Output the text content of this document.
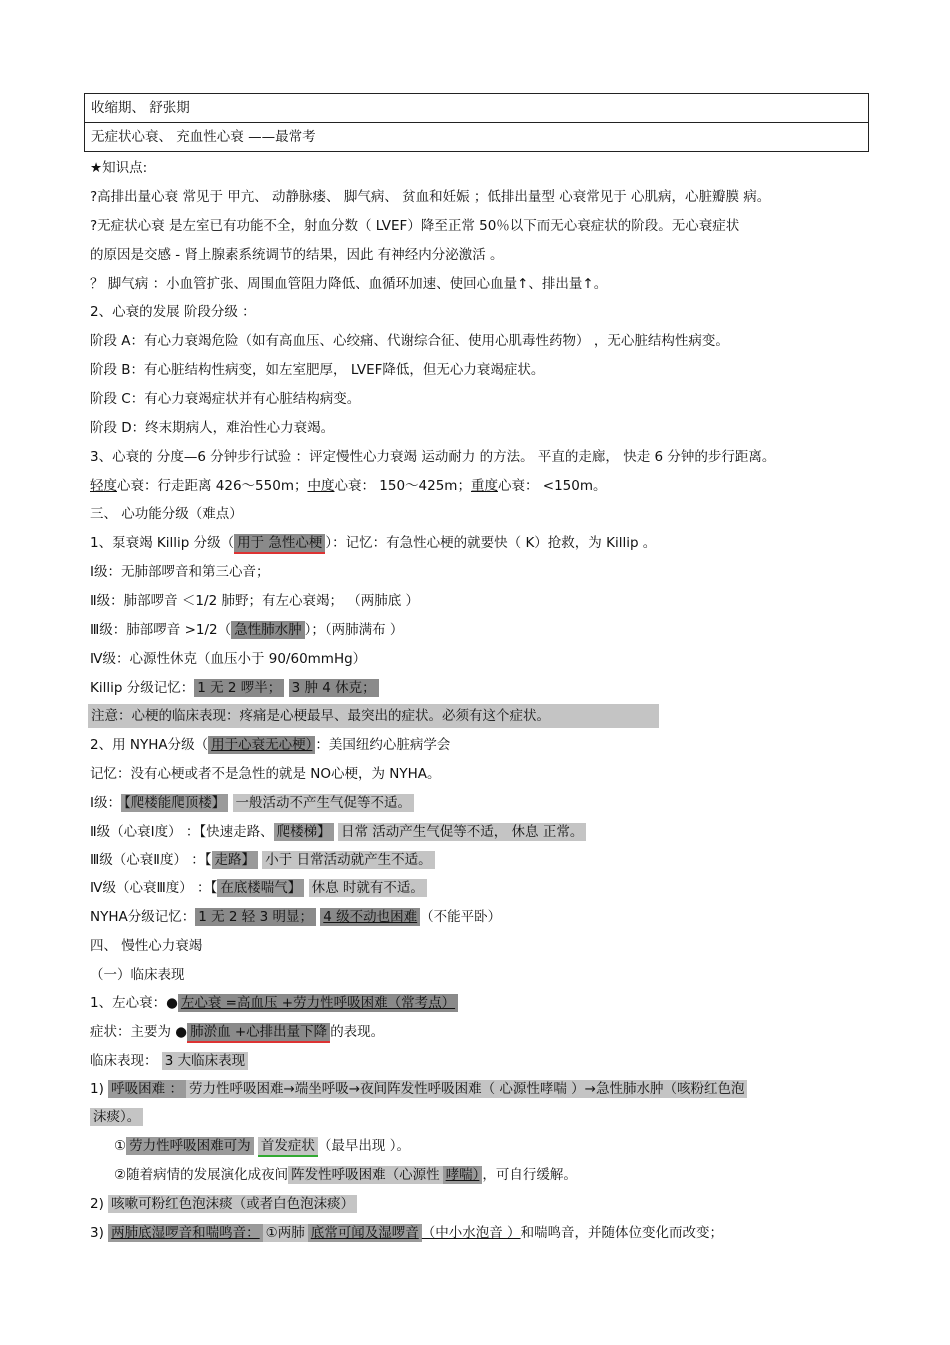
收缩期、 舒张期
无症状心衰、 充血性心衰 ——最常考
★知识点:
?高排出量心衰 常见于 甲亢、 动静脉瘘、 脚气病、 贫血和妊娠 ；低排出量型 心衰常见于 心肌病，心脏瓣膜 病。
?无症状心衰 是左室已有功能不全，射血分数（ LVEF）降至正常 50％以下而无心衰症状的阶段。无心衰症状
的原因是交感 - 肾上腺素系统调节的结果，因此 有神经内分泌激活 。
？ 脚气病 ：小血管扩张、周围血管阻力降低、血循环加速、使回心血量↑、排出量↑。
2、心衰的发展 阶段分级 ：
阶段 A：有心力衰竭危险（如有高血压、心绞痛、代谢综合征、使用心肌毒性药物） ，无心脏结构性病变。
阶段 B：有心脏结构性病变，如左室肥厚， LVEF降低，但无心力衰竭症状。
阶段 C：有心力衰竭症状并有心脏结构病变。
阶段 D：终末期病人，难治性心力衰竭。
3、心衰的 分度—6 分钟步行试验 ：评定慢性心力衰竭 运动耐力 的方法。 平直的走廊， 快走 6 分钟的步行距离。
轻度心衰：行走距离 426～550m；中度心衰： 150～425m；重度心衰： <150m。
三、 心功能分级（难点）
1、泵衰竭 Killip 分级（ 用于 急性心梗 ）：记忆：有急性心梗的就要快（ K）抢救，为 Killip 。
Ⅰ级：无肺部啰音和第三心音；
Ⅱ级：肺部啰音 ＜1/2 肺野；有左心衰竭； （两肺底 ）
Ⅲ级：肺部啰音 >1/2（ 急性肺水肿 ）；（两肺满布 ）
Ⅳ级：心源性休克（血压小于 90/60mmHg）
Killip 分级记忆： 1 无 2 啰半； 3 肿 4 休克；
注意：心梗的临床表现：疼痛是心梗最早、最突出的症状。必须有这个症状。
2、用 NYHA分级（ 用于心衰无心梗） ：美国纽约心脏病学会
记忆：没有心梗或者不是急性的就是 NO心梗，为 NYHA。
Ⅰ级： 【爬楼能爬顶楼】 一般活动不产生气促等不适。
Ⅱ级（心衰Ⅰ度） ：【快速走路、 爬楼梯】 日常 活动产生气促等不适， 休息 正常。
Ⅲ级（心衰Ⅱ度） ：【 走路】 小于 日常活动就产生不适。
Ⅳ级（心衰Ⅲ度） ：【 在底楼喘气】 休息 时就有不适。
NYHA分级记忆： 1 无 2 轻 3 明显； 4 级不动也困难 （不能平卧）
四、 慢性心力衰竭
（一）临床表现
1、左心衰：● 左心衰 =高血压 +劳力性呼吸困难（常考点）
症状：主要为 ● 肺淤血 +心排出量下降 的表现。
临床表现： 3 大临床表现
1) 呼吸困难 ： 劳力性呼吸困难→端坐呼吸→夜间阵发性呼吸困难（ 心源性哮喘 ）→急性肺水肿（咳粉红色泡
沫痰）。
① 劳力性呼吸困难可为 首发症状 （最早出现 ）。
②随着病情的发展演化成夜间 阵发性呼吸困难（心源性 哮喘） ，可自行缓解。
2) 咳嗽可粉红色泡沫痰（或者白色泡沫痰）
3) 两肺底湿啰音和喘鸣音： ①两肺 底常可闻及湿啰音 （中小水泡音 ）和喘鸣音，并随体位变化而改变；
